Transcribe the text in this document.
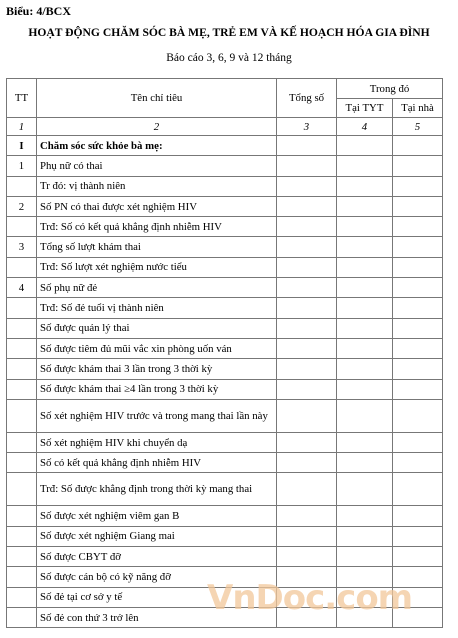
Biểu: 4/BCX
HOẠT ĐỘNG CHĂM SÓC BÀ MẸ, TRẺ EM VÀ KẾ HOẠCH HÓA GIA ĐÌNH
Báo cáo 3, 6, 9 và 12 tháng
TT	Tên chỉ tiêu	Tổng số	Trong đó	
			Tại TYT	Tại nhà
1	2	3	4	5
I	Chăm sóc sức khỏe bà mẹ:			
1	Phụ nữ có thai			
	Tr đó: vị thành niên			
2	Số PN có thai được xét nghiệm HIV			
	Trđ: Số có kết quả khẳng định nhiễm HIV			
3	Tổng số lượt khám thai			
	Trđ: Số lượt xét nghiệm nước tiểu			
4	Số phụ nữ đẻ			
	Trđ: Số đẻ tuổi vị thành niên			
	Số được quản lý thai			
	Số được tiêm đủ mũi vắc xin phòng uốn ván			
	Số được khám thai 3 lần trong 3 thời kỳ			
	Số được khám thai ≥4 lần trong 3 thời kỳ			
	Số xét nghiệm HIV trước và trong mang thai lần này			
	Số xét nghiệm HIV khi chuyển dạ			
	Số có kết quả khẳng định nhiễm HIV			
	Trđ: Số được khẳng định trong thời kỳ mang thai			
	Số được xét nghiệm viêm gan B			
	Số được xét nghiệm Giang mai			
	Số được CBYT đỡ			
	Số được cán bộ có kỹ năng đỡ			
	Số đẻ tại cơ sở y tế			
	Số đẻ con thứ 3 trở lên			VnDoc.com
